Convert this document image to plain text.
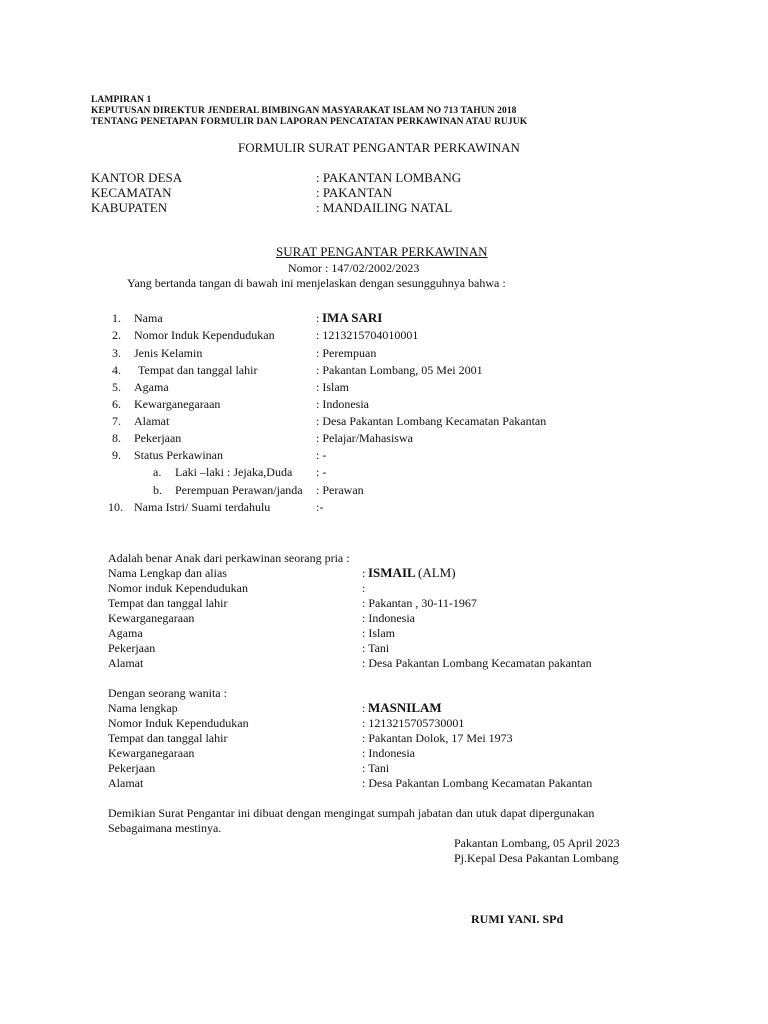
LAMPIRAN 1
KEPUTUSAN DIREKTUR JENDERAL BIMBINGAN MASYARAKAT ISLAM NO 713 TAHUN 2018
TENTANG PENETAPAN FORMULIR DAN LAPORAN PENCATATAN PERKAWINAN ATAU RUJUK
FORMULIR SURAT PENGANTAR PERKAWINAN
KANTOR DESA	: PAKANTAN LOMBANG
KECAMATAN	: PAKANTAN
KABUPATEN	: MANDAILING NATAL
SURAT PENGANTAR PERKAWINAN
Nomor : 147/02/2002/2023
Yang bertanda tangan di bawah ini menjelaskan dengan sesungguhnya bahwa :
1. Nama	: IMA SARI
2. Nomor Induk Kependudukan	: 1213215704010001
3. Jenis Kelamin	: Perempuan
4. Tempat dan tanggal lahir	: Pakantan Lombang, 05 Mei 2001
5. Agama	: Islam
6. Kewarganegaraan	: Indonesia
7. Alamat	: Desa Pakantan Lombang Kecamatan Pakantan
8. Pekerjaan	: Pelajar/Mahasiswa
9. Status Perkawinan	: -
a. Laki –laki : Jejaka,Duda : -
b. Perempuan Perawan/janda : Perawan
10. Nama Istri/ Suami terdahulu	:-
Adalah benar Anak dari perkawinan seorang pria :
Nama Lengkap dan alias	: ISMAIL (ALM)
Nomor induk Kependudukan	:
Tempat dan tanggal lahir	: Pakantan , 30-11-1967
Kewarganegaraan	: Indonesia
Agama	: Islam
Pekerjaan	: Tani
Alamat	: Desa Pakantan Lombang Kecamatan pakantan
Dengan seorang wanita :
Nama lengkap	: MASNILAM
Nomor Induk Kependudukan	: 1213215705730001
Tempat dan tanggal lahir	: Pakantan Dolok, 17 Mei 1973
Kewarganegaraan	: Indonesia
Pekerjaan	: Tani
Alamat	: Desa Pakantan Lombang Kecamatan Pakantan
Demikian Surat Pengantar ini dibuat dengan mengingat sumpah jabatan dan utuk dapat dipergunakan
Sebagaimana mestinya.
Pakantan Lombang, 05 April 2023
Pj.Kepal Desa Pakantan Lombang
RUMI YANI. SPd
